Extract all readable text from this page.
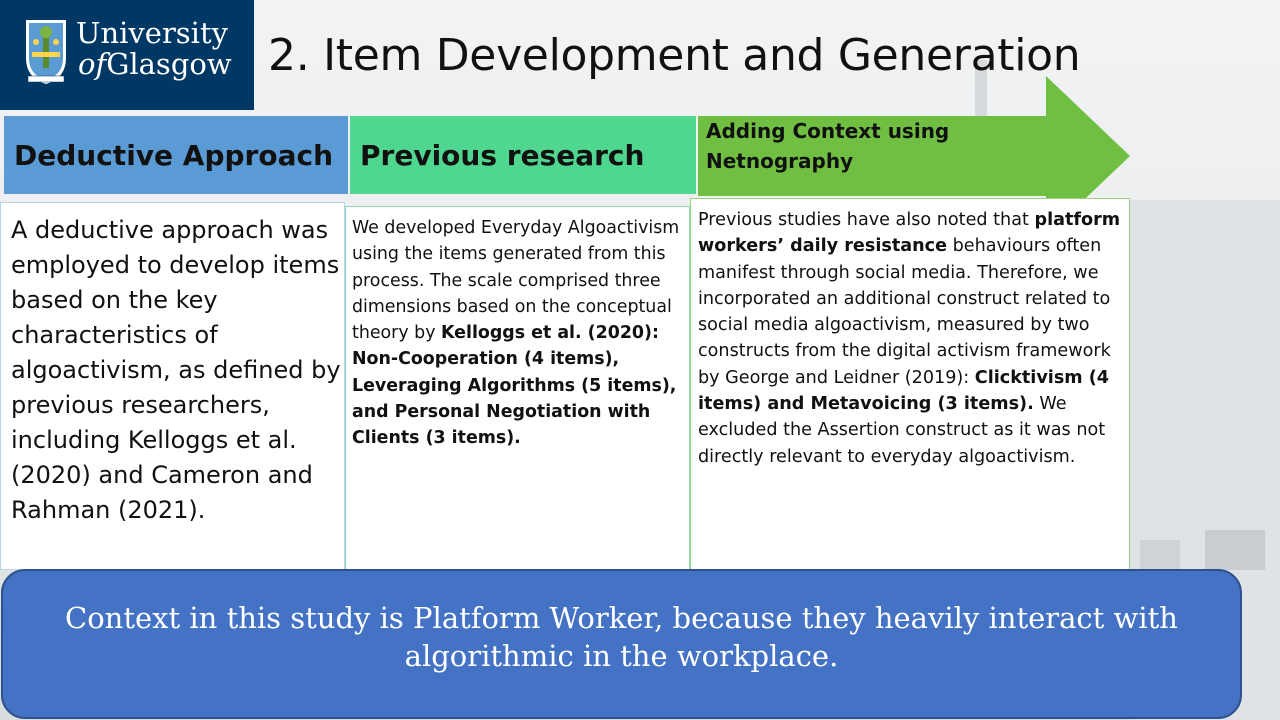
University
ofGlasgow 2. Item Development and Generation
Deductive Approach Previous research
Adding Context using Netnography
A deductive approach was employed to develop items based on the key characteristics of algoactivism, as defined by previous researchers, including Kelloggs et al. (2020) and Cameron and Rahman (2021).
We developed Everyday Algoactivism using the items generated from this process. The scale comprised three dimensions based on the conceptual theory by Kelloggs et al. (2020): Non-Cooperation (4 items), Leveraging Algorithms (5 items), and Personal Negotiation with Clients (3 items).
Previous studies have also noted that platform workers’ daily resistance behaviours often manifest through social media. Therefore, we incorporated an additional construct related to social media algoactivism, measured by two constructs from the digital activism framework by George and Leidner (2019): Clicktivism (4 items) and Metavoicing (3 items). We excluded the Assertion construct as it was not directly relevant to everyday algoactivism.
Context in this study is Platform Worker, because they heavily interact with algorithmic in the workplace.
